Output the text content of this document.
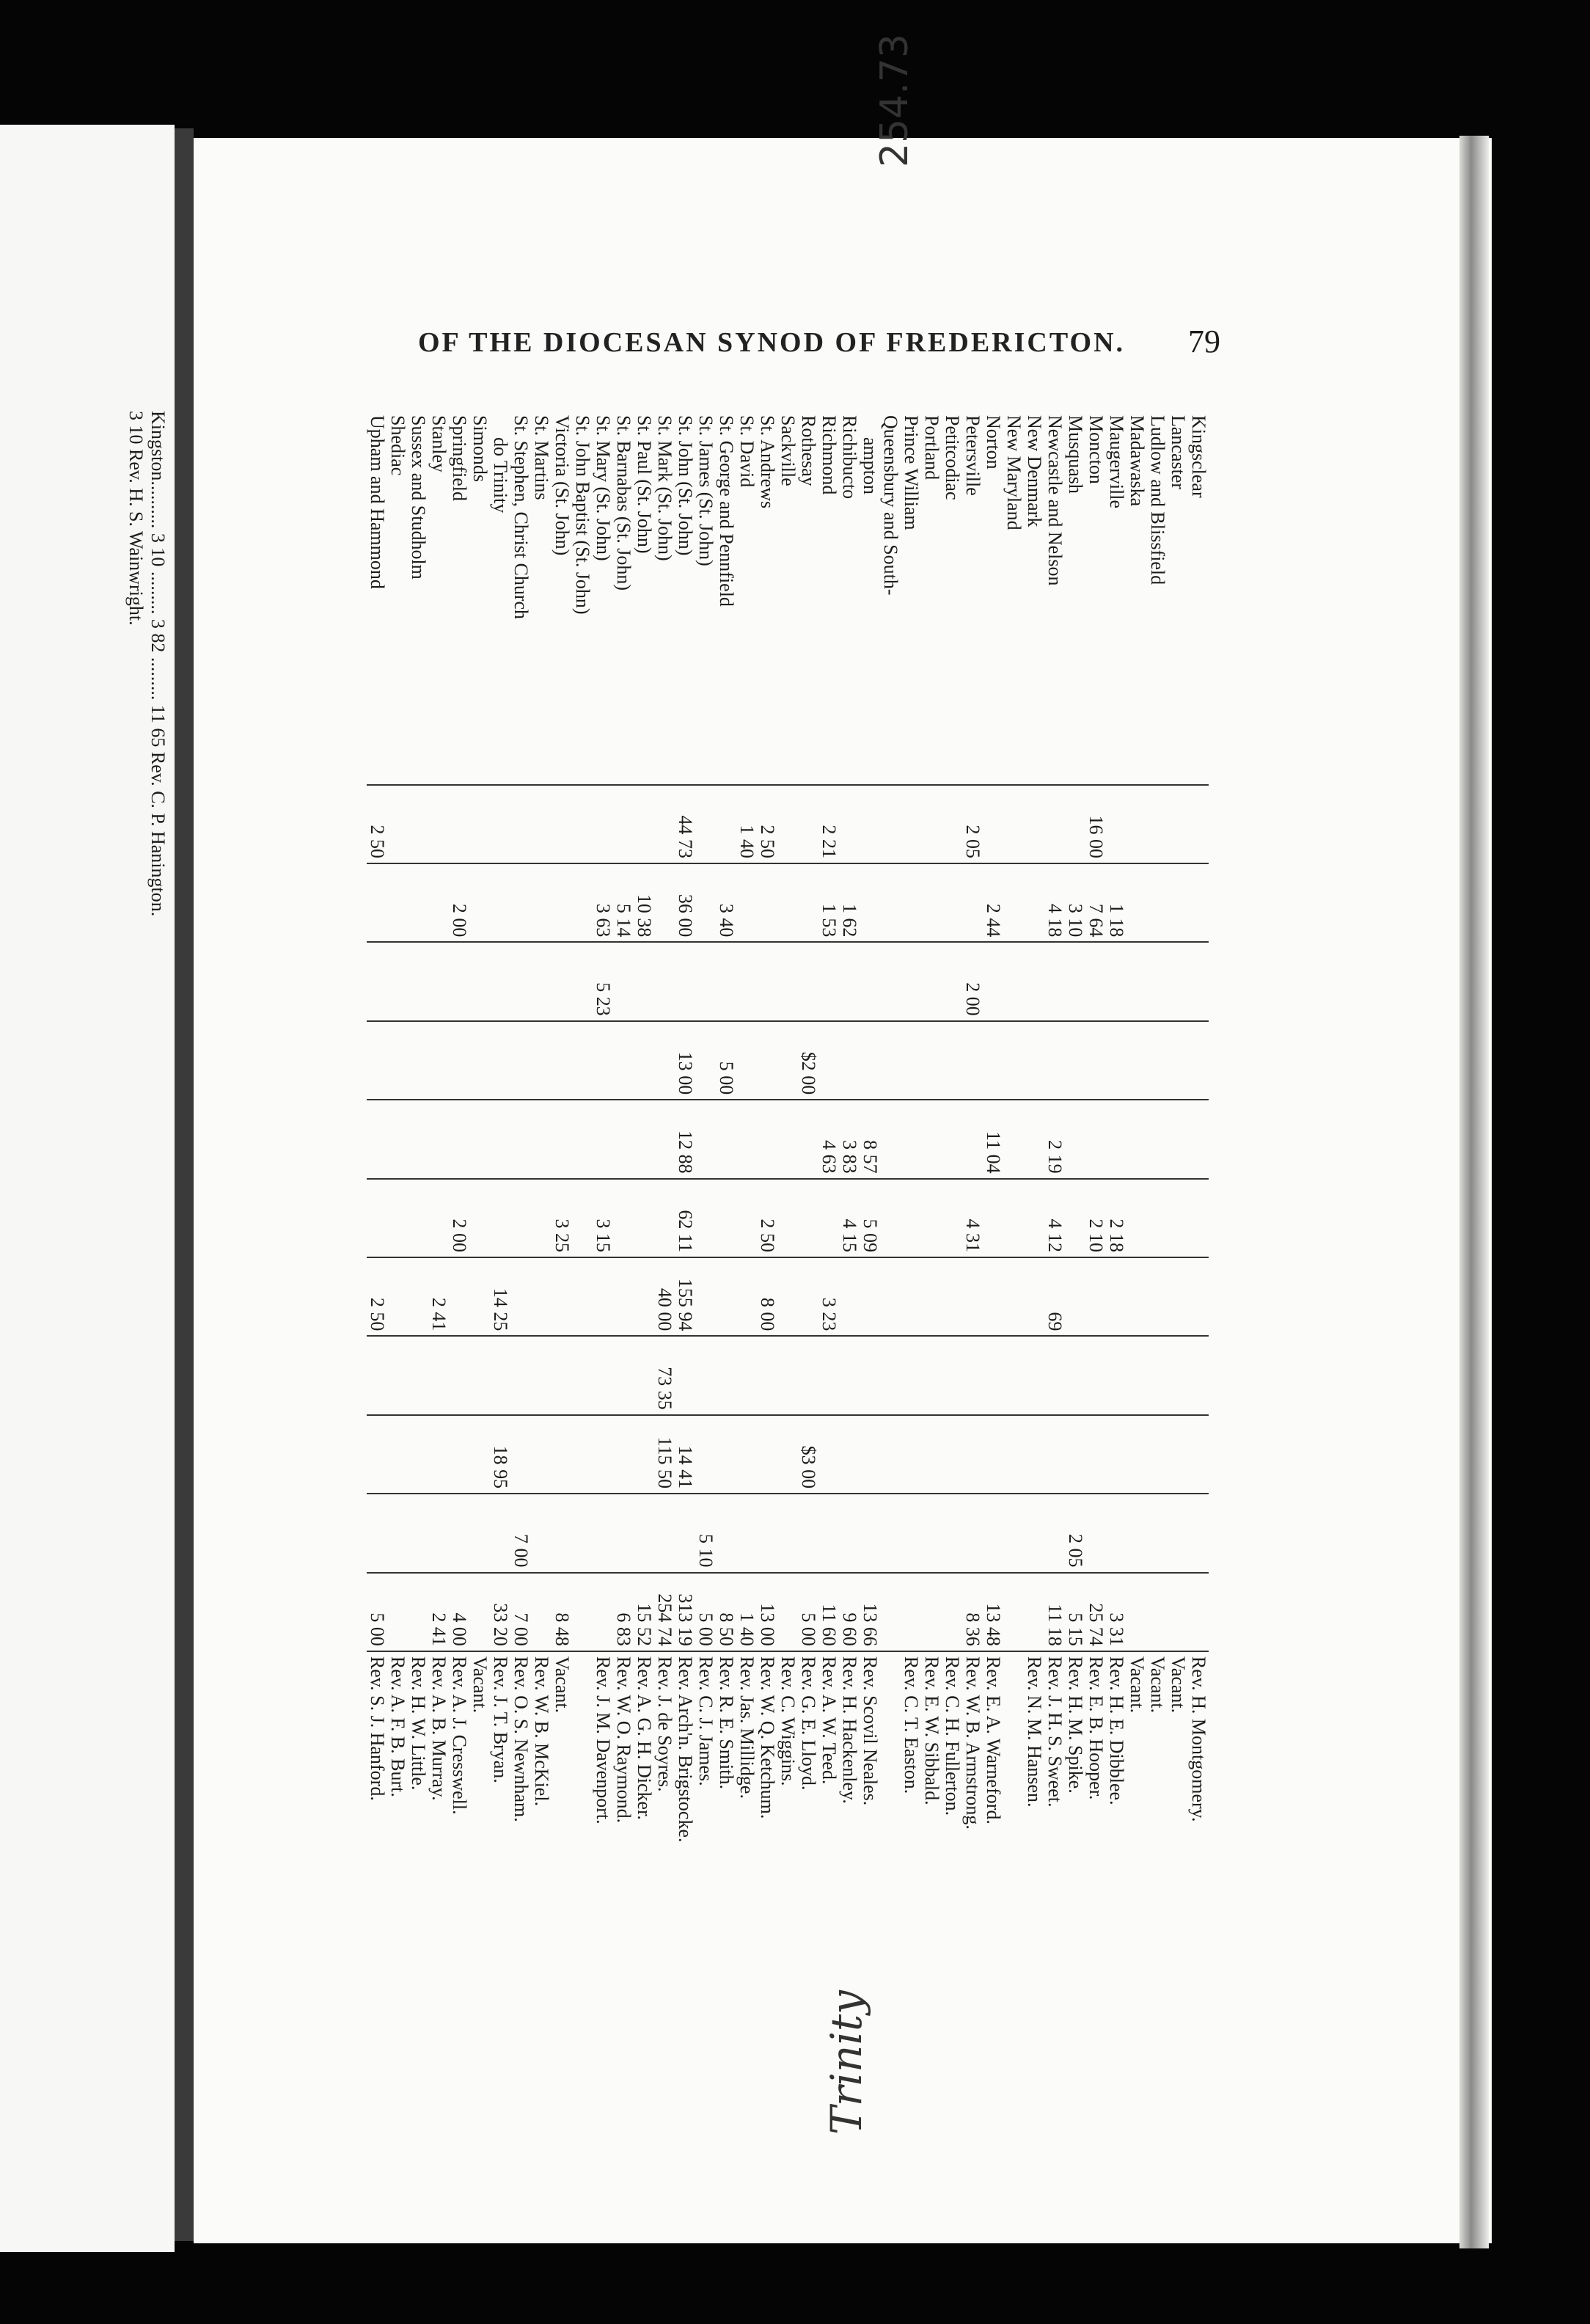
Kingston.......... 3 10 ......... 3 82 ......... 11 65 Rev. C. P. Hanington.
3 10 Rev. H. S. Wainwright.
OF THE DIOCESAN SYNOD OF FREDERICTON. 79
254.73
Trinity
Kingsclear												Rev. H. Montgomery.
Lancaster												Vacant.
Ludlow and Blissfield												Vacant.
Madawaska												Vacant.
Maugerville		1 18				2 18					3 31	Rev. H. E. Dibblee.
Moncton	16 00	7 64				2 10					25 74	Rev. E. B. Hooper.
Musquash		3 10								2 05	5 15	Rev. H. M. Spike.
Newcastle and Nelson		4 18			2 19	4 12	69				11 18	Rev. J. H. S. Sweet.
New Denmark												Rev. N. M. Hansen.
New Maryland												
Norton		2 44			11 04						13 48	Rev. E. A. Warneford.
Petersville	2 05		2 00			4 31					8 36	Rev. W. B. Armstrong.
Petitcodiac												Rev. C. H. Fullerton.
Portland												Rev. E. W. Sibbald.
Prince William												Rev. C. T. Easton.
Queensbury and South-												
ampton					8 57	5 09					13 66	Rev. Scovil Neales.
Richibucto		1 62			3 83	4 15					9 60	Rev. H. Hackenley.
Richmond	2 21	1 53			4 63		3 23				11 60	Rev. A. W. Teed.
Rothesay				$2 00					$3 00		5 00	Rev. G. E. Lloyd.
Sackville												Rev. C. Wiggins.
St. Andrews	2 50					2 50	8 00				13 00	Rev. W. Q. Ketchum.
St. David	1 40										1 40	Rev. Jas. Millidge.
St. George and Pennfield		3 40		5 00							8 50	Rev. R. E. Smith.
St. James (St. John)										5 10	5 00	Rev. C. J. James.
St. John (St. John)	44 73	36 00		13 00	12 88	62 11	155 94		14 41		313 19	Rev. Arch'n. Brigstocke.
St. Mark (St. John)							40 00	73 35	115 50		254 74	Rev. J. de Soyres.
St. Paul (St. John)		10 38									15 52	Rev. A. G. H. Dicker.
St. Barnabas (St. John)		5 14									6 83	Rev. W. O. Raymond.
St. Mary (St. John)		3 63	5 23			3 15						Rev. J. M. Davenport.
St. John Baptist (St. John)												
Victoria (St. John)						3 25					8 48	Vacant.
St. Martins												Rev. W. B. McKiel.
St. Stephen, Christ Church										7 00	7 00	Rev. O. S. Newnham.
do Trinity							14 25		18 95		33 20	Rev. J. T. Bryan.
Simonds												Vacant.
Springfield		2 00				2 00					4 00	Rev. A. J. Cresswell.
Stanley							2 41				2 41	Rev. A. B. Murray.
Sussex and Studholm												Rev. H. W. Little.
Shediac												Rev. A. F. B. Burt.
Upham and Hammond	2 50						2 50				5 00	Rev. S. J. Hanford.
